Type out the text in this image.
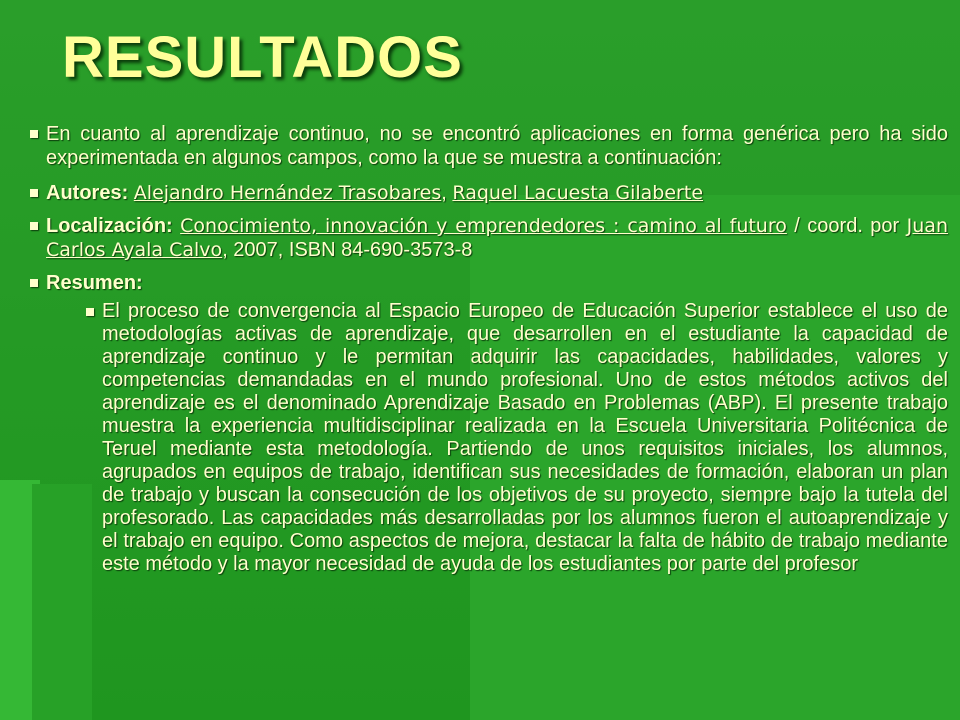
RESULTADOS
En cuanto al aprendizaje continuo, no se encontró aplicaciones en forma genérica pero ha sido experimentada en algunos campos, como la que se muestra a continuación:
Autores: Alejandro Hernández Trasobares, Raquel Lacuesta Gilaberte
Localización: Conocimiento, innovación y emprendedores : camino al futuro / coord. por Juan Carlos Ayala Calvo, 2007, ISBN 84-690-3573-8
Resumen:
El proceso de convergencia al Espacio Europeo de Educación Superior establece el uso de metodologías activas de aprendizaje, que desarrollen en el estudiante la capacidad de aprendizaje continuo y le permitan adquirir las capacidades, habilidades, valores y competencias demandadas en el mundo profesional. Uno de estos métodos activos del aprendizaje es el denominado Aprendizaje Basado en Problemas (ABP). El presente trabajo muestra la experiencia multidisciplinar realizada en la Escuela Universitaria Politécnica de Teruel mediante esta metodología. Partiendo de unos requisitos iniciales, los alumnos, agrupados en equipos de trabajo, identifican sus necesidades de formación, elaboran un plan de trabajo y buscan la consecución de los objetivos de su proyecto, siempre bajo la tutela del profesorado. Las capacidades más desarrolladas por los alumnos fueron el autoaprendizaje y el trabajo en equipo. Como aspectos de mejora, destacar la falta de hábito de trabajo mediante este método y la mayor necesidad de ayuda de los estudiantes por parte del profesor
